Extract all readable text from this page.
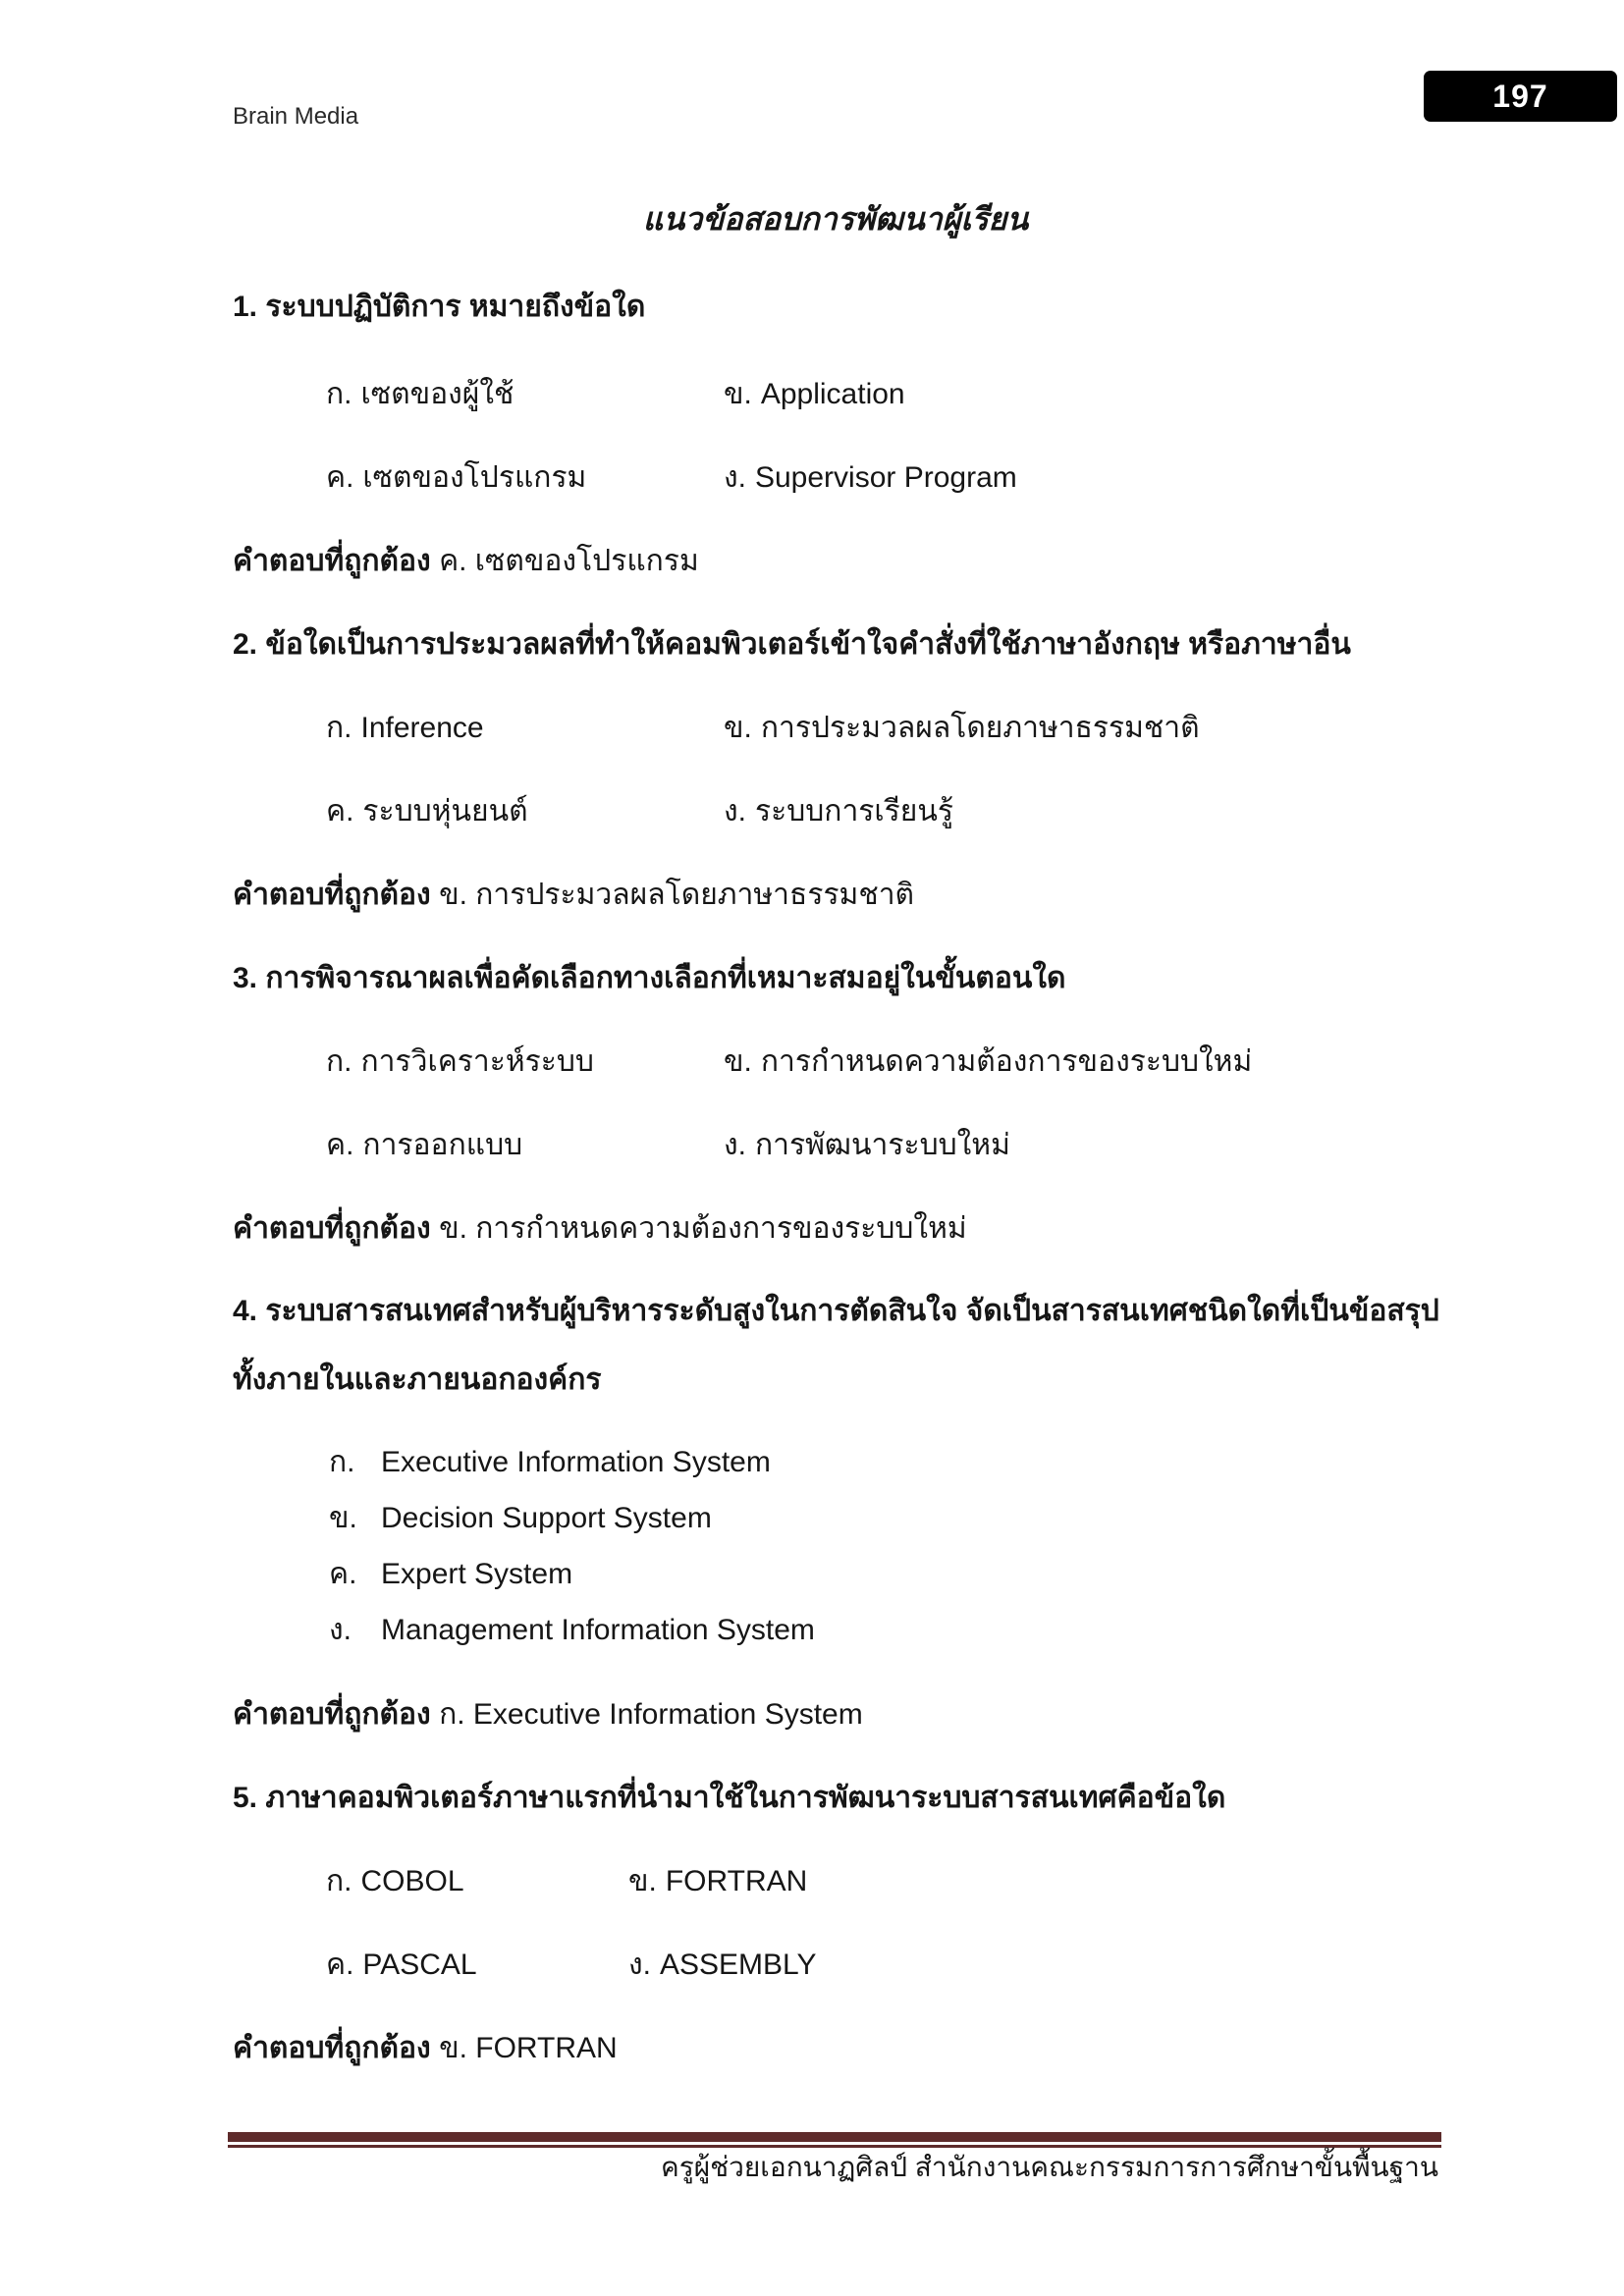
Brain Media
197
แนวข้อสอบการพัฒนาผู้เรียน
1. ระบบปฏิบัติการ หมายถึงข้อใด
ก. เซตของผู้ใช้	ข. Application
ค. เซตของโปรแกรม	ง. Supervisor Program
คำตอบที่ถูกต้อง ค. เซตของโปรแกรม
2. ข้อใดเป็นการประมวลผลที่ทำให้คอมพิวเตอร์เข้าใจคำสั่งที่ใช้ภาษาอังกฤษ หรือภาษาอื่น
ก. Inference	ข. การประมวลผลโดยภาษาธรรมชาติ
ค. ระบบหุ่นยนต์	ง. ระบบการเรียนรู้
คำตอบที่ถูกต้อง ข. การประมวลผลโดยภาษาธรรมชาติ
3. การพิจารณาผลเพื่อคัดเลือกทางเลือกที่เหมาะสมอยู่ในขั้นตอนใด
ก. การวิเคราะห์ระบบ	ข. การกำหนดความต้องการของระบบใหม่
ค. การออกแบบ	ง. การพัฒนาระบบใหม่
คำตอบที่ถูกต้อง ข. การกำหนดความต้องการของระบบใหม่
4. ระบบสารสนเทศสำหรับผู้บริหารระดับสูงในการตัดสินใจ จัดเป็นสารสนเทศชนิดใดที่เป็นข้อสรุป ทั้งภายในและภายนอกองค์กร
ก. Executive Information System
ข. Decision Support System
ค. Expert System
ง.	Management Information System
คำตอบที่ถูกต้อง ก. Executive Information System
5. ภาษาคอมพิวเตอร์ภาษาแรกที่นำมาใช้ในการพัฒนาระบบสารสนเทศคือข้อใด
ก. COBOL	ข. FORTRAN
ค. PASCAL	ง. ASSEMBLY
คำตอบที่ถูกต้อง ข. FORTRAN
ครูผู้ช่วยเอกนาฏศิลป์ สำนักงานคณะกรรมการการศึกษาขั้นพื้นฐาน
